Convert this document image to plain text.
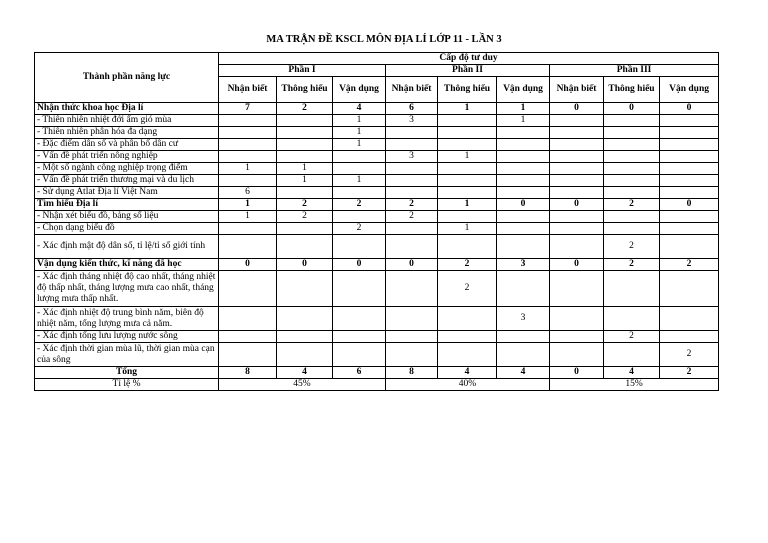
MA TRẬN ĐỀ KSCL MÔN ĐỊA LÍ LỚP 11 - LẦN 3
Thành phần năng lực	Cấp độ tư duy								
	Phần I			Phần II			Phần III		
	Nhận biết	Thông hiểu	Vận dụng	Nhận biết	Thông hiểu	Vận dụng	Nhận biết	Thông hiểu	Vận dụng
Nhận thức khoa học Địa lí	7	2	4	6	1	1	0	0	0
- Thiên nhiên nhiệt đới ẩm gió mùa			1	3		1			
- Thiên nhiên phân hóa đa dạng			1						
- Đặc điểm dân số và phân bố dân cư			1						
- Vấn đề phát triển nông nghiệp				3	1				
- Một số ngành công nghiệp trọng điểm	1	1							
- Vấn đề phát triển thương mại và du lịch		1	1						
- Sử dụng Atlat Địa lí Việt Nam	6								
Tìm hiểu Địa lí	1	2	2	2	1	0	0	2	0
- Nhận xét biểu đồ, bảng số liệu	1	2		2					
- Chọn dạng biểu đồ			2		1				
- Xác định mật độ dân số, tỉ lệ/tỉ số giới tính								2	
Vận dụng kiến thức, kĩ năng đã học	0	0	0	0	2	3	0	2	2
- Xác định tháng nhiệt độ cao nhất, tháng nhiệt độ thấp nhất, tháng lượng mưa cao nhất, tháng lượng mưa thấp nhất.					2				
- Xác định nhiệt độ trung bình năm, biên độ nhiệt năm, tổng lượng mưa cả năm.						3			
- Xác định tổng lưu lượng nước sông								2	
- Xác định thời gian mùa lũ, thời gian mùa cạn của sông									2
Tổng	8	4	6	8	4	4	0	4	2
Tỉ lệ %	45%			40%			15%		
